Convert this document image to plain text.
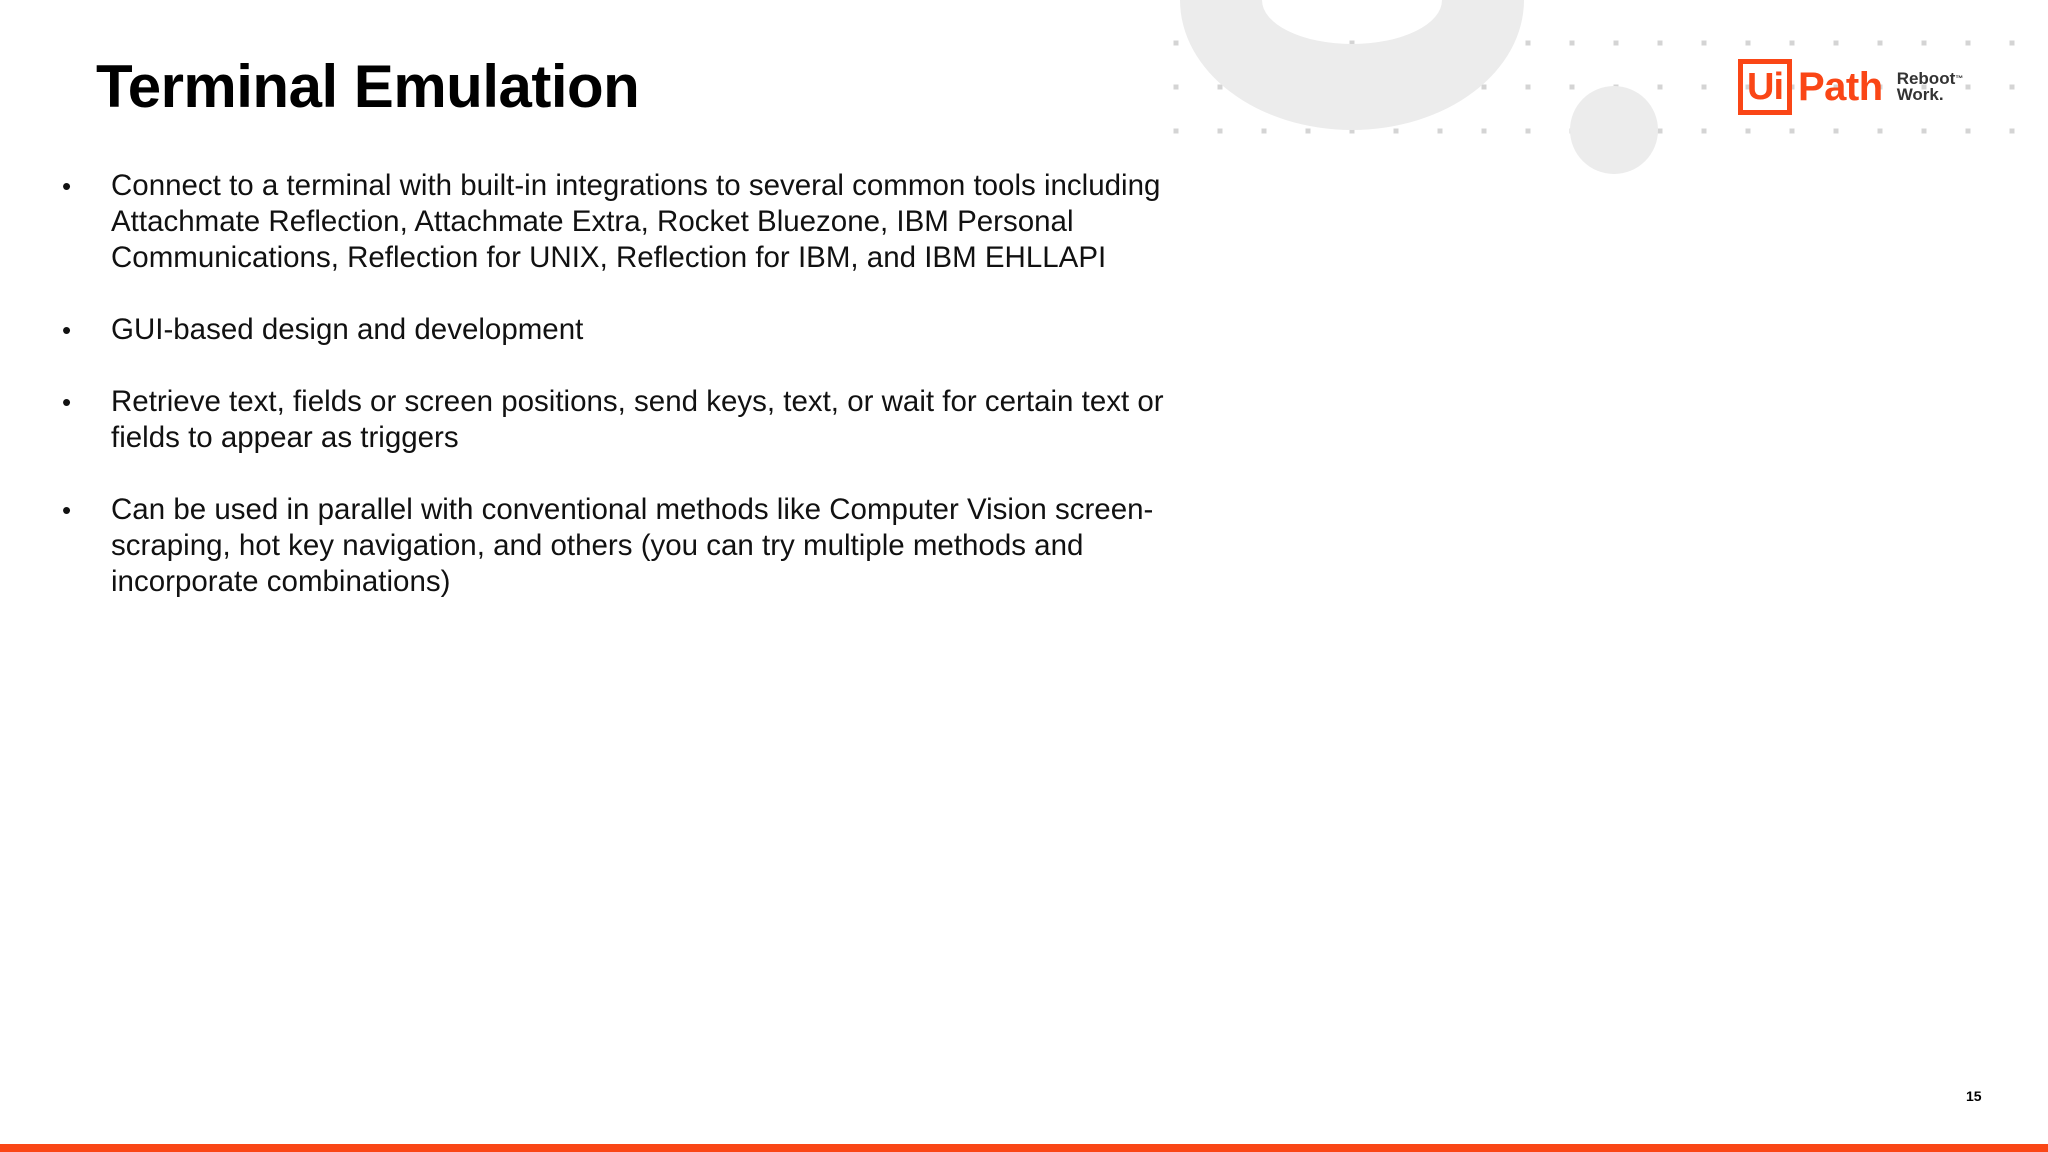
Terminal Emulation
• Connect to a terminal with built-in integrations to several common tools including Attachmate Reflection, Attachmate Extra, Rocket Bluezone, IBM Personal Communications, Reflection for UNIX, Reflection for IBM, and IBM EHLLAPI
• GUI-based design and development
• Retrieve text, fields or screen positions, send keys, text, or wait for certain text or fields to appear as triggers
• Can be used in parallel with conventional methods like Computer Vision screen-scraping, hot key navigation, and others (you can try multiple methods and incorporate combinations)
Ui Path Reboot™
Work.
15
